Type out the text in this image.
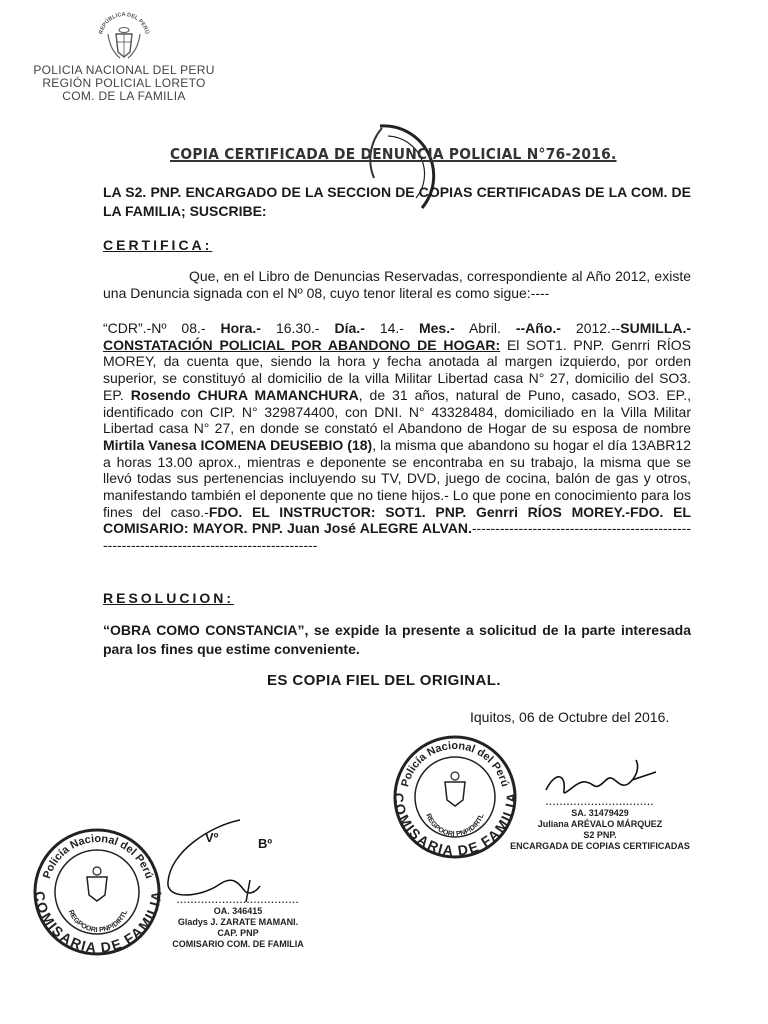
REPÚBLICA DEL PERÚ
POLICIA NACIONAL DEL PERU
REGIÓN POLICIAL LORETO
COM. DE LA FAMILIA
COPIA CERTIFICADA DE DENUNCIA POLICIAL N°76-2016.
LA S2. PNP. ENCARGADO DE LA SECCION DE COPIAS CERTIFICADAS DE LA COM. DE LA FAMILIA; SUSCRIBE:
CERTIFICA:
Que, en el Libro de Denuncias Reservadas, correspondiente al Año 2012, existe una Denuncia signada con el Nº 08, cuyo tenor literal es como sigue:----
“CDR”.-Nº 08.- Hora.- 16.30.- Día.- 14.- Mes.- Abril. --Año.- 2012.--SUMILLA.- CONSTATACIÓN POLICIAL POR ABANDONO DE HOGAR: El SOT1. PNP. Genrri RÍOS MOREY, da cuenta que, siendo la hora y fecha anotada al margen izquierdo, por orden superior, se constituyó al domicilio de la villa Militar Libertad casa N° 27, domicilio del SO3. EP. Rosendo CHURA MAMANCHURA, de 31 años, natural de Puno, casado, SO3. EP., identificado con CIP. N° 329874400, con DNI. N° 43328484, domiciliado en la Villa Militar Libertad casa N° 27, en donde se constató el Abandono de Hogar de su esposa de nombre Mirtila Vanesa ICOMENA DEUSEBIO (18), la misma que abandono su hogar el día 13ABR12 a horas 13.00 aprox., mientras e deponente se encontraba en su trabajo, la misma que se llevó todas sus pertenencias incluyendo su TV, DVD, juego de cocina, balón de gas y otros, manifestando también el deponente que no tiene hijos.- Lo que pone en conocimiento para los fines del caso.-FDO. EL INSTRUCTOR: SOT1. PNP. Genrri RÍOS MOREY.-FDO. EL COMISARIO: MAYOR. PNP. Juan José ALEGRE ALVAN.---------------------------------------------------------------------------------------------
RESOLUCION:
“OBRA COMO CONSTANCIA”, se expide la presente a solicitud de la parte interesada para los fines que estime conveniente.
ES COPIA FIEL DEL ORIGINAL.
Iquitos, 06 de Octubre del 2016.
Policía Nacional del Perú
COMISARIA DE FAMILIA
REGPOORI PNP/DIRTL
...............................
SA. 31479429
Juliana ARÉVALO MÁRQUEZ
S2 PNP.
ENCARGADA DE COPIAS CERTIFICADAS
Policía Nacional del Perú
COMISARIA DE FAMILIA
REGPOORI PNP/DIRTL
Vº	Bº
...................................
OA. 346415
Gladys J. ZARATE MAMANI.
CAP. PNP
COMISARIO COM. DE FAMILIA
